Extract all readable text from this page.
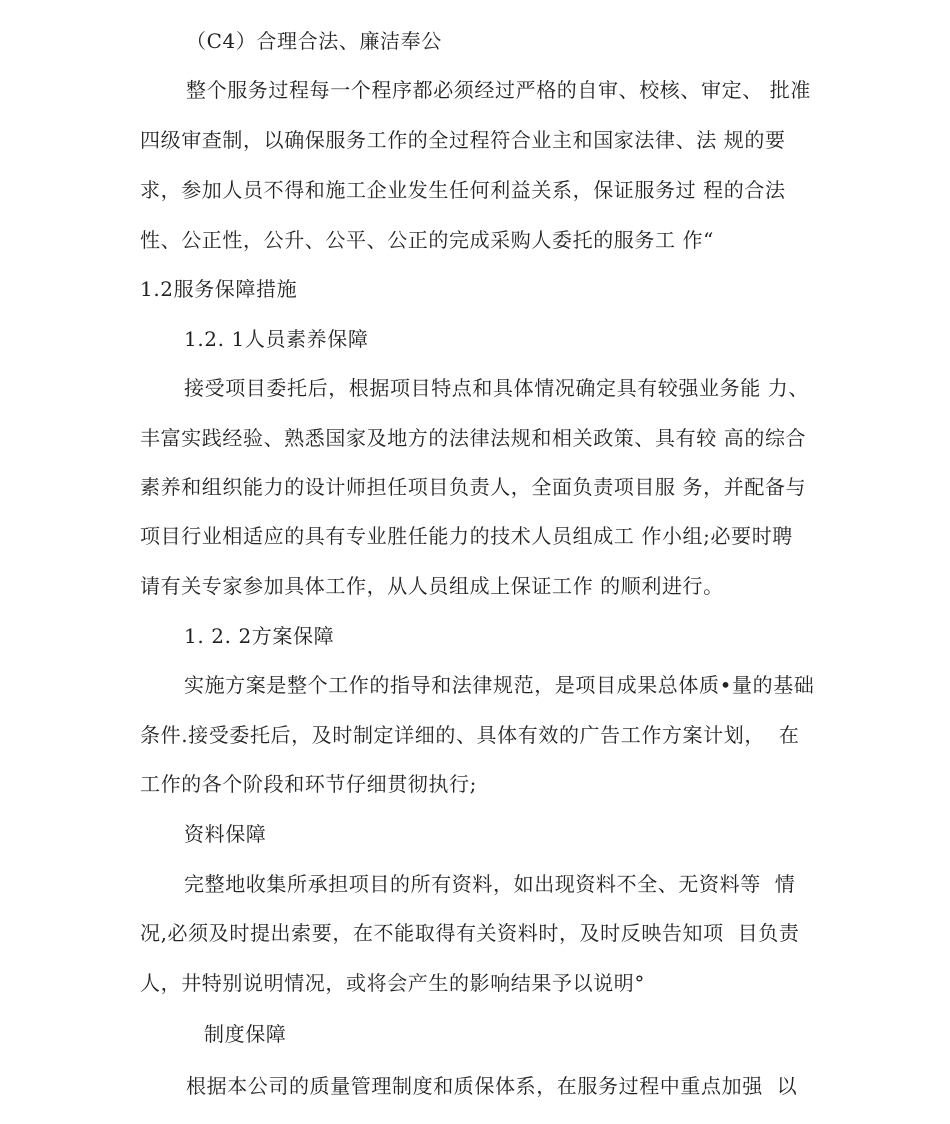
（C4）合理合法、廉洁奉公
整个服务过程每一个程序都必须经过严格的自审、校核、审定、 批准
四级审查制，以确保服务工作的全过程符合业主和国家法律、法 规的要
求，参加人员不得和施工企业发生任何利益关系，保证服务过 程的合法
性、公正性，公升、公平、公正的完成采购人委托的服务工 作“
1.2服务保障措施
1.2. 1人员素养保障
接受项目委托后，根据项目特点和具体情况确定具有较强业务能 力、
丰富实践经验、熟悉国家及地方的法律法规和相关政策、具有较 高的综合
素养和组织能力的设计师担任项目负责人，全面负责项目服 务，并配备与
项目行业相适应的具有专业胜任能力的技术人员组成工 作小组;必要时聘
请有关专家参加具体工作，从人员组成上保证工作 的顺利进行。
1. 2. 2方案保障
实施方案是整个工作的指导和法律规范，是项目成果总体质•量的基础
条件.接受委托后，及时制定详细的、具体有效的广告工作方案计划，  在
工作的各个阶段和环节仔细贯彻执行;
资料保障
完整地收集所承担项目的所有资料，如出现资料不全、无资料等  情
况,必须及时提出索要，在不能取得有关资料时，及时反映告知项  目负责
人，井特别说明情况，或将会产生的影响结果予以说明°
制度保障
根据本公司的质量管理制度和质保体系，在服务过程中重点加强  以
